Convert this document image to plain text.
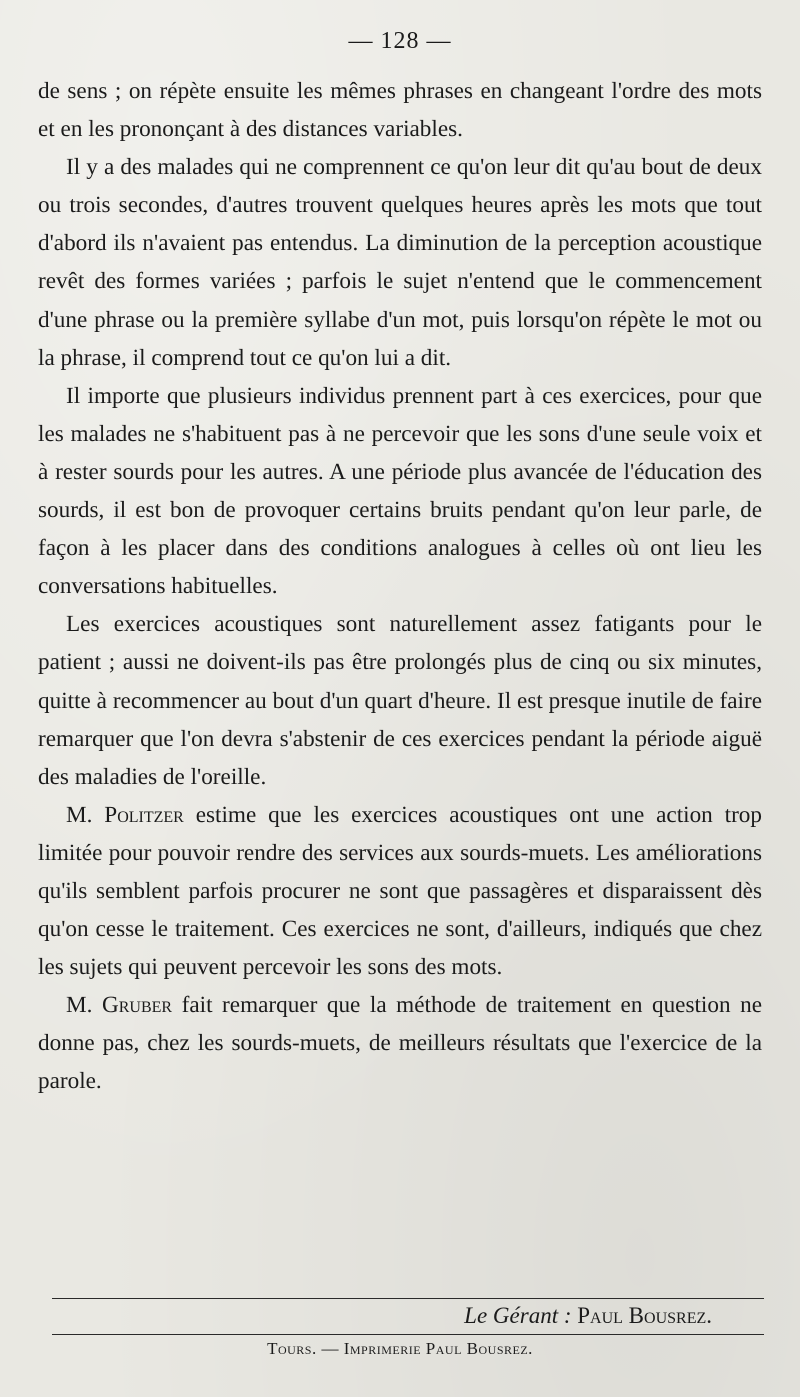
— 128 —

de sens ; on répète ensuite les mêmes phrases en changeant l'ordre des mots et en les prononçant à des distances variables.

Il y a des malades qui ne comprennent ce qu'on leur dit qu'au bout de deux ou trois secondes, d'autres trouvent quelques heures après les mots que tout d'abord ils n'avaient pas entendus. La diminution de la perception acoustique revêt des formes variées ; parfois le sujet n'entend que le commencement d'une phrase ou la première syllabe d'un mot, puis lorsqu'on répète le mot ou la phrase, il comprend tout ce qu'on lui a dit.

Il importe que plusieurs individus prennent part à ces exercices, pour que les malades ne s'habituent pas à ne percevoir que les sons d'une seule voix et à rester sourds pour les autres. A une période plus avancée de l'éducation des sourds, il est bon de provoquer certains bruits pendant qu'on leur parle, de façon à les placer dans des conditions analogues à celles où ont lieu les conversations habituelles.

Les exercices acoustiques sont naturellement assez fatigants pour le patient ; aussi ne doivent-ils pas être prolongés plus de cinq ou six minutes, quitte à recommencer au bout d'un quart d'heure. Il est presque inutile de faire remarquer que l'on devra s'abstenir de ces exercices pendant la période aiguë des maladies de l'oreille.

M. Politzer estime que les exercices acoustiques ont une action trop limitée pour pouvoir rendre des services aux sourds-muets. Les améliorations qu'ils semblent parfois procurer ne sont que passagères et disparaissent dès qu'on cesse le traitement. Ces exercices ne sont, d'ailleurs, indiqués que chez les sujets qui peuvent percevoir les sons des mots.

M. Gruber fait remarquer que la méthode de traitement en question ne donne pas, chez les sourds-muets, de meilleurs résultats que l'exercice de la parole.

Le Gérant : Paul Bousrez.
Tours. — Imprimerie Paul Bousrez.
